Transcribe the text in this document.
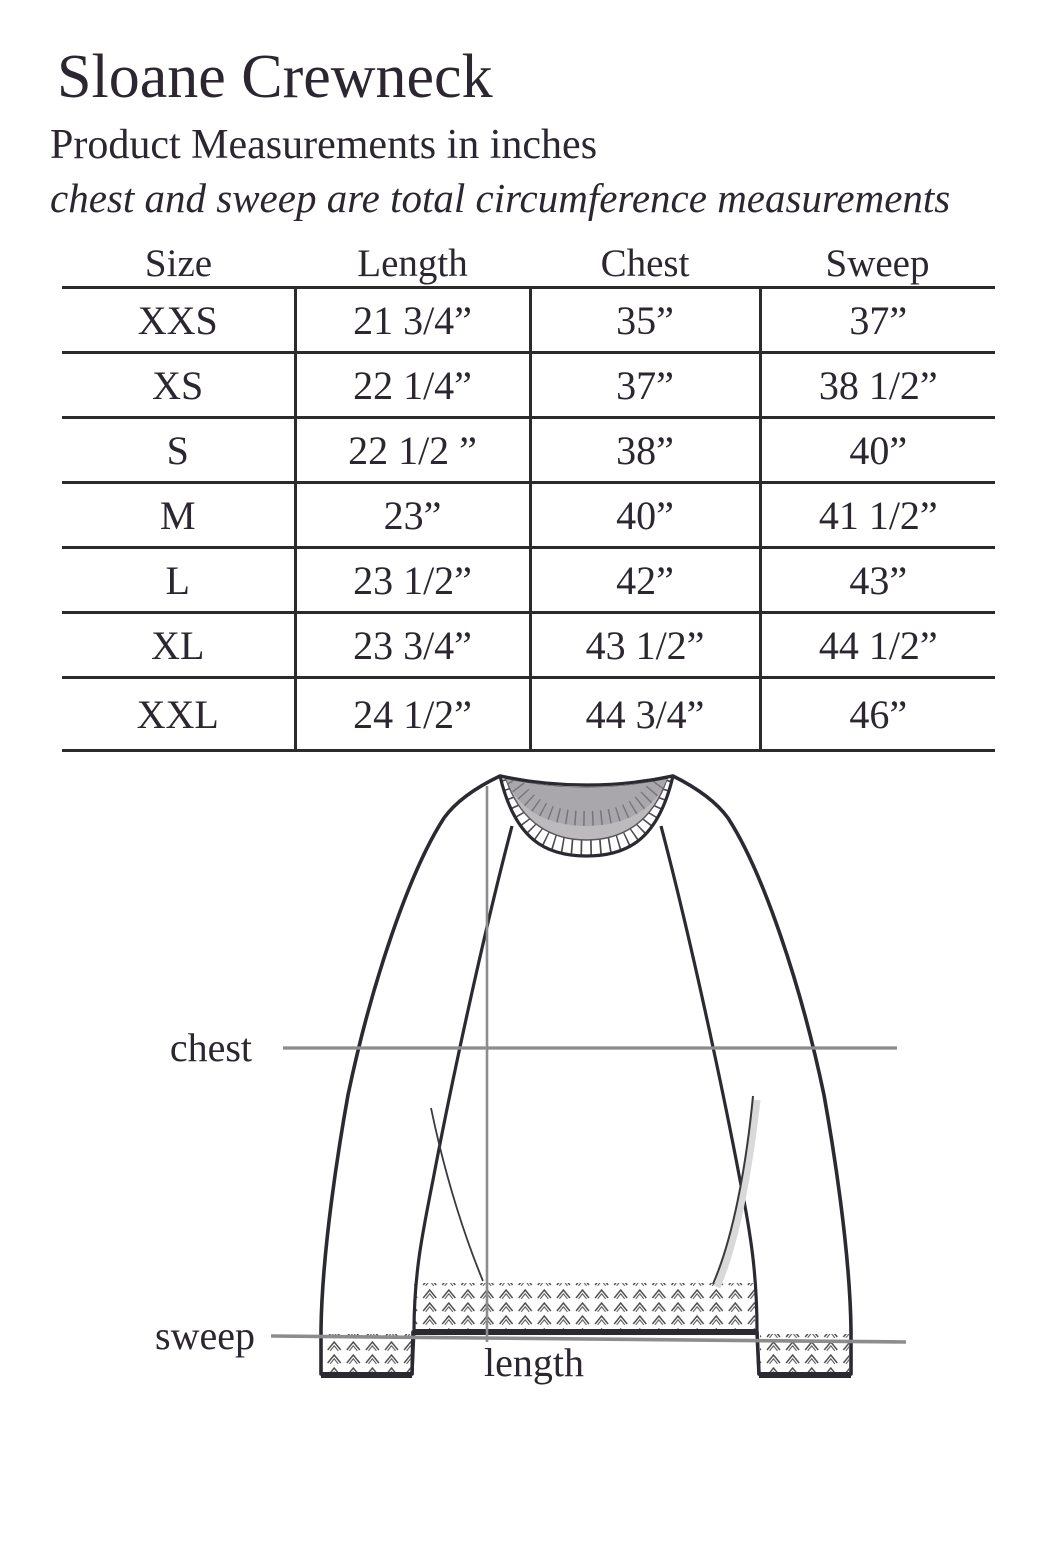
Sloane Crewneck
Product Measurements in inches
chest and sweep are total circumference measurements
Size	Length	Chest	Sweep
XXS	21 3/4”	35”	37”
XS	22 1/4”	37”	38 1/2”
S	22 1/2 ”	38”	40”
M	23”	40”	41 1/2”
L	23 1/2”	42”	43”
XL	23 3/4”	43 1/2”	44 1/2”
XXL	24 1/2”	44 3/4”	46”
chest
sweep
length
